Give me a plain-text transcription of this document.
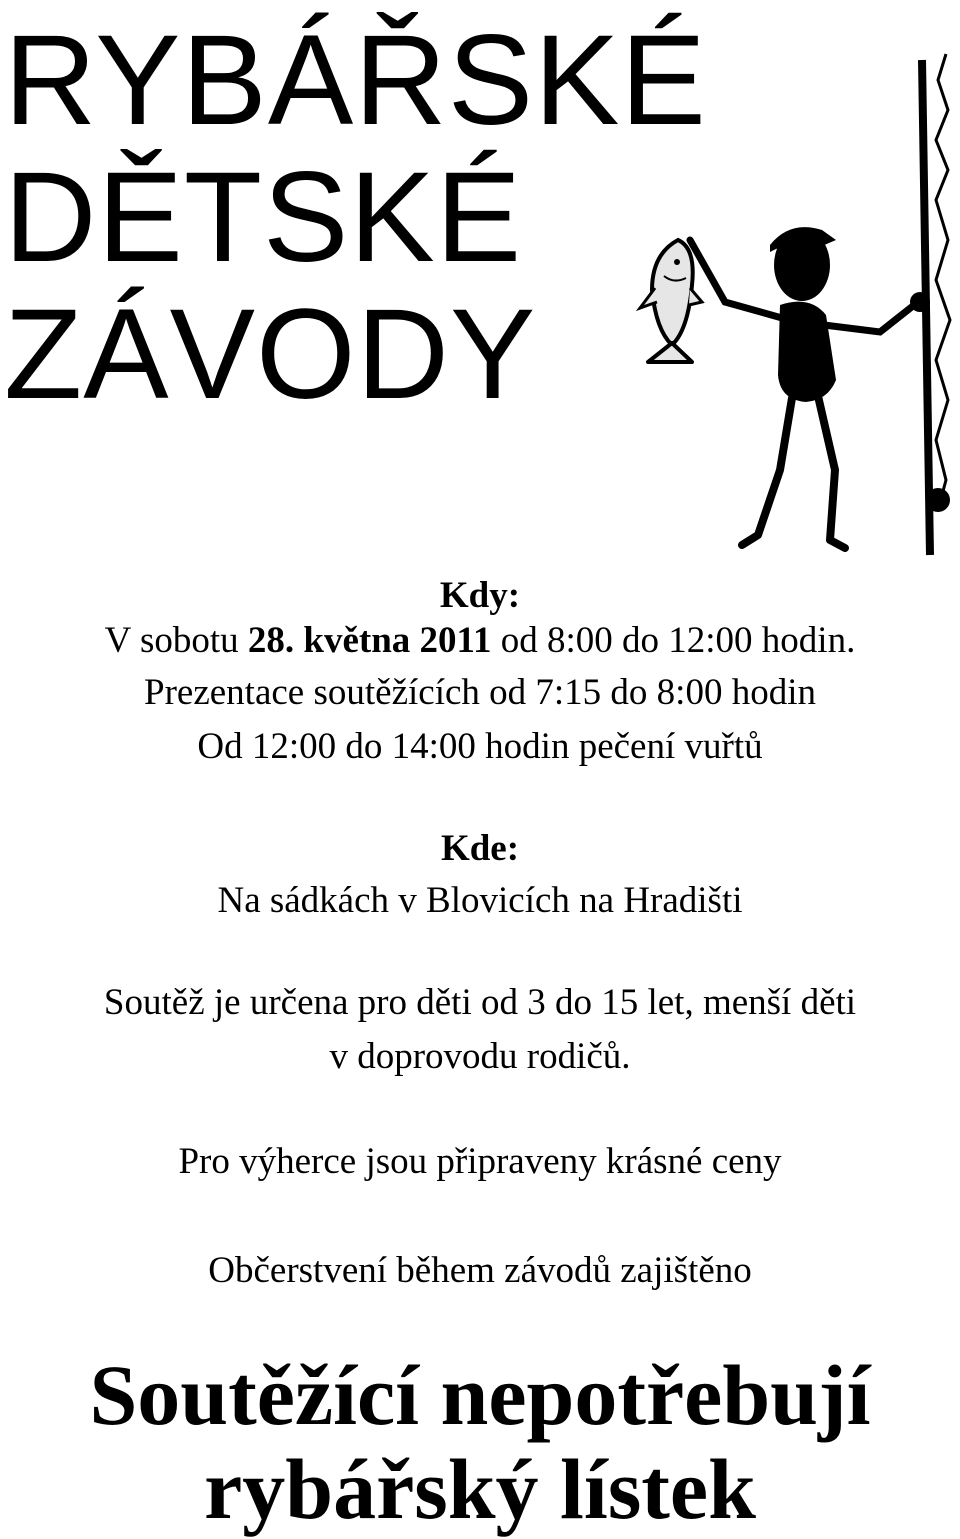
RYBÁŘSKÉ
DĚTSKÉ
ZÁVODY
Kdy:
V sobotu 28. května 2011 od 8:00 do 12:00 hodin.
Prezentace soutěžících od 7:15 do 8:00 hodin
Od 12:00 do 14:00 hodin pečení vuřtů
Kde:
Na sádkách v Blovicích na Hradišti
Soutěž je určena pro děti od 3 do 15 let, menší děti
v doprovodu rodičů.
Pro výherce jsou připraveny krásné ceny
Občerstvení během závodů zajištěno
Soutěžící nepotřebují
rybářský lístek
